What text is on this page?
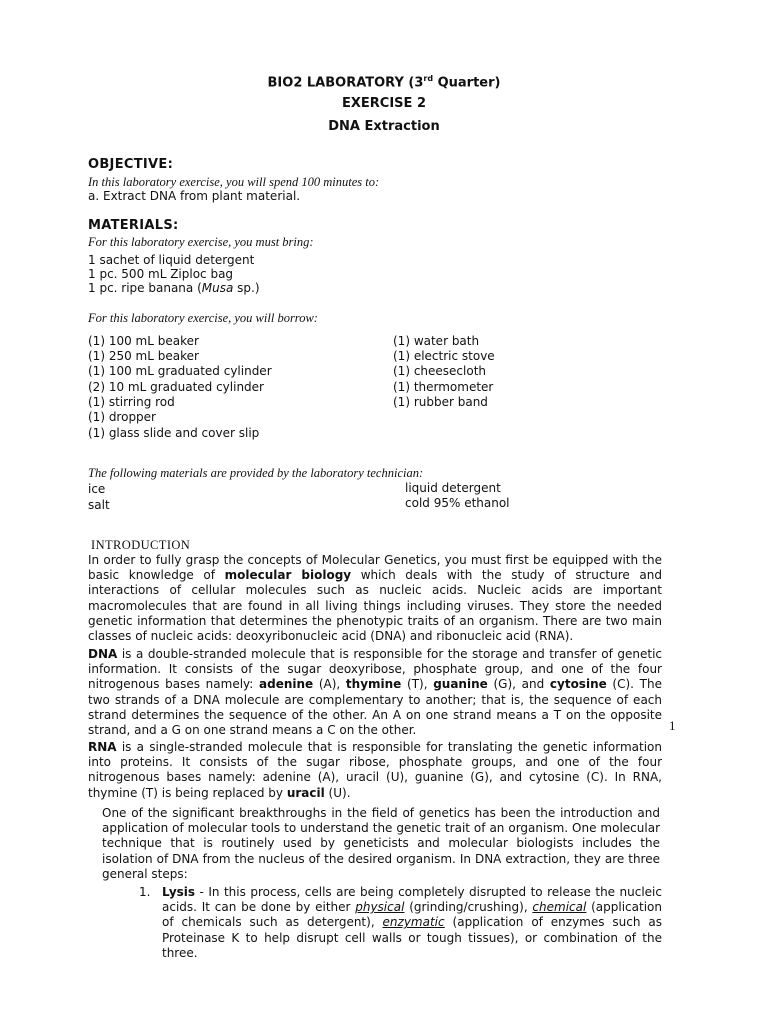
BIO2 LABORATORY (3rd Quarter)
EXERCISE 2
DNA Extraction
OBJECTIVE:
In this laboratory exercise, you will spend 100 minutes to:
a. Extract DNA from plant material.
MATERIALS:
For this laboratory exercise, you must bring:
1 sachet of liquid detergent
1 pc. 500 mL Ziploc bag
1 pc. ripe banana (Musa sp.)
For this laboratory exercise, you will borrow:
(1) 100 mL beaker
(1) 250 mL beaker
(1) 100 mL graduated cylinder
(2) 10 mL graduated cylinder
(1) stirring rod
(1) dropper
(1) glass slide and cover slip
(1) water bath
(1) electric stove
(1) cheesecloth
(1) thermometer
(1) rubber band
The following materials are provided by the laboratory technician:
ice
salt
liquid detergent
cold 95% ethanol
INTRODUCTION
In order to fully grasp the concepts of Molecular Genetics, you must first be equipped with the basic knowledge of molecular biology which deals with the study of structure and interactions of cellular molecules such as nucleic acids. Nucleic acids are important macromolecules that are found in all living things including viruses. They store the needed genetic information that determines the phenotypic traits of an organism. There are two main classes of nucleic acids: deoxyribonucleic acid (DNA) and ribonucleic acid (RNA).
DNA is a double-stranded molecule that is responsible for the storage and transfer of genetic information. It consists of the sugar deoxyribose, phosphate group, and one of the four nitrogenous bases namely: adenine (A), thymine (T), guanine (G), and cytosine (C). The two strands of a DNA molecule are complementary to another; that is, the sequence of each strand determines the sequence of the other. An A on one strand means a T on the opposite strand, and a G on one strand means a C on the other.	1
RNA is a single-stranded molecule that is responsible for translating the genetic information into proteins. It consists of the sugar ribose, phosphate groups, and one of the four nitrogenous bases namely: adenine (A), uracil (U), guanine (G), and cytosine (C). In RNA, thymine (T) is being replaced by uracil (U).
One of the significant breakthroughs in the field of genetics has been the introduction and application of molecular tools to understand the genetic trait of an organism. One molecular technique that is routinely used by geneticists and molecular biologists includes the isolation of DNA from the nucleus of the desired organism. In DNA extraction, they are three general steps:
1. Lysis - In this process, cells are being completely disrupted to release the nucleic acids. It can be done by either physical (grinding/crushing), chemical (application of chemicals such as detergent), enzymatic (application of enzymes such as Proteinase K to help disrupt cell walls or tough tissues), or combination of the three.
